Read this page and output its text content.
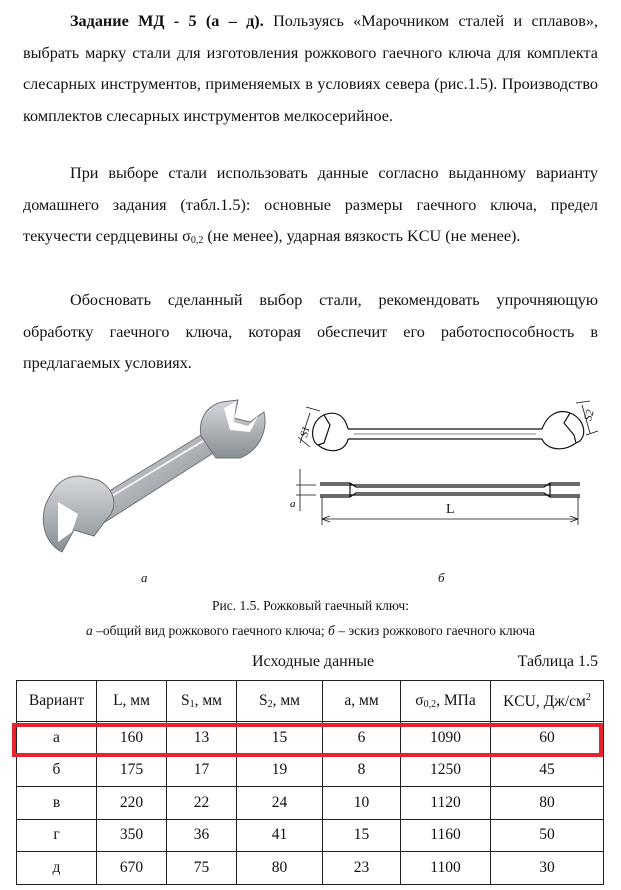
Задание МД - 5 (а – д). Пользуясь «Марочником сталей и сплавов», выбрать марку стали для изготовления рожкового гаечного ключа для комплекта слесарных инструментов, применяемых в условиях севера (рис.1.5). Производство комплектов слесарных инструментов мелкосерийное.

При выборе стали использовать данные согласно выданному варианту домашнего задания (табл.1.5): основные размеры гаечного ключа, предел текучести сердцевины $\sigma_{0,2}$ (не менее), ударная вязкость KCU (не менее).

Обосновать сделанный выбор стали, рекомендовать упрочняющую обработку гаечного ключа, которая обеспечит его работоспособность в предлагаемых условиях.

S1
S2
a	L
а	б
Рис. 1.5. Рожковый гаечный ключ:
а –общий вид рожкового гаечного ключа; б – эскиз рожкового гаечного ключа
Исходные данные	Таблица 1.5
Вариант	L, мм	$S_1$, мм	$S_2$, мм	a, мм	$\sigma_{0,2}$, МПа	KCU, $Дж/см^2$
а	160	13	15	6	1090	60
б	175	17	19	8	1250	45
в	220	22	24	10	1120	80
г	350	36	41	15	1160	50
д	670	75	80	23	1100	30
